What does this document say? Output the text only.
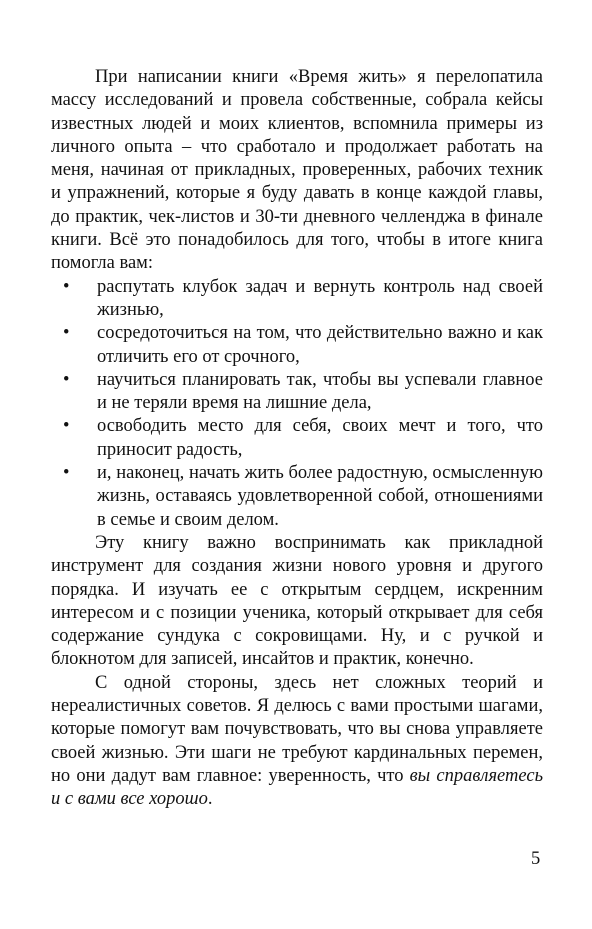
При написании книги «Время жить» я перелопатила массу исследований и провела собственные, собрала кейсы известных людей и моих клиентов, вспомнила примеры из личного опыта – что сработало и продолжает работать на меня, начиная от прикладных, проверенных, рабочих техник и упражнений, которые я буду давать в конце каждой главы, до практик, чек-листов и 30-ти дневного челленджа в финале книги. Всё это понадобилось для того, чтобы в итоге книга помогла вам:

• распутать клубок задач и вернуть контроль над своей жизнью,
• сосредоточиться на том, что действительно важно и как отличить его от срочного,
• научиться планировать так, чтобы вы успевали главное и не теряли время на лишние дела,
• освободить место для себя, своих мечт и того, что приносит радость,
• и, наконец, начать жить более радостную, осмысленную жизнь, оставаясь удовлетворенной собой, отношениями в семье и своим делом.

Эту книгу важно воспринимать как прикладной инструмент для создания жизни нового уровня и другого порядка. И изучать ее с открытым сердцем, искренним интересом и с позиции ученика, который открывает для себя содержание сундука с сокровищами. Ну, и с ручкой и блокнотом для записей, инсайтов и практик, конечно.

С одной стороны, здесь нет сложных теорий и нереалистичных советов. Я делюсь с вами простыми шагами, которые помогут вам почувствовать, что вы снова управляете своей жизнью. Эти шаги не требуют кардинальных перемен, но они дадут вам главное: уверенность, что вы справляетесь и с вами все хорошо.

5
